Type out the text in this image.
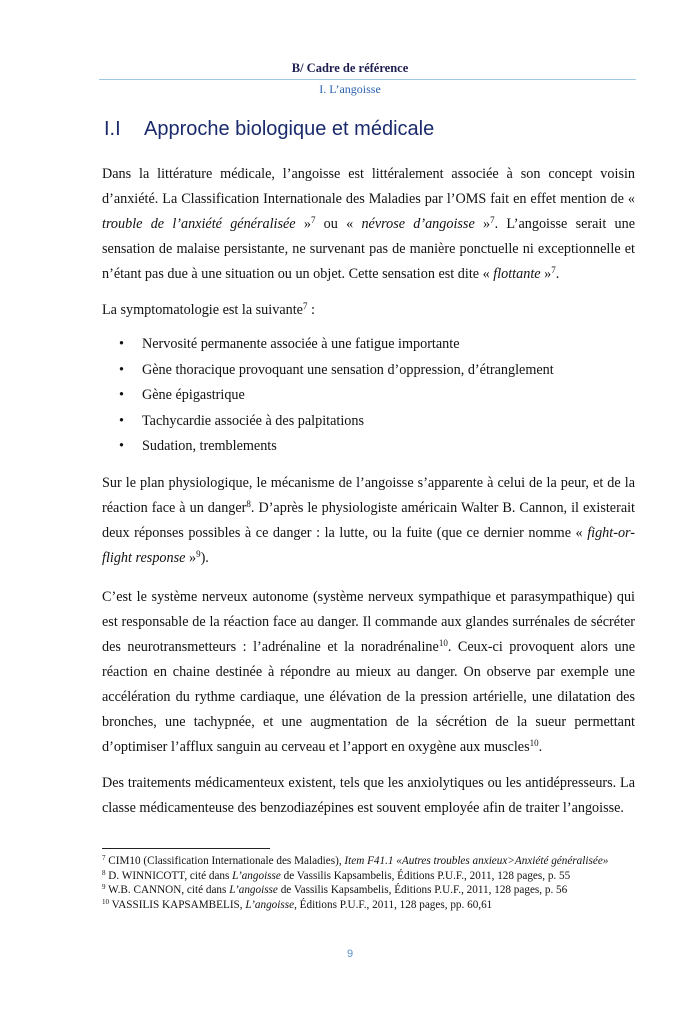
B/ Cadre de référence
I. L’angoisse
I.I Approche biologique et médicale

Dans la littérature médicale, l’angoisse est littéralement associée à son concept voisin d’anxiété. La Classification Internationale des Maladies par l’OMS fait en effet mention de « trouble de l’anxiété généralisée »$^7$ ou « névrose d’angoisse »$^7$. L’angoisse serait une sensation de malaise persistante, ne survenant pas de manière ponctuelle ni exceptionnelle et n’étant pas due à une situation ou un objet. Cette sensation est dite « flottante »$^7$.

La symptomatologie est la suivante$^7$ :

• Nervosité permanente associée à une fatigue importante
• Gène thoracique provoquant une sensation d’oppression, d’étranglement
• Gène épigastrique
• Tachycardie associée à des palpitations
• Sudation, tremblements

Sur le plan physiologique, le mécanisme de l’angoisse s’apparente à celui de la peur, et de la réaction face à un danger$^8$. D’après le physiologiste américain Walter B. Cannon, il existerait deux réponses possibles à ce danger : la lutte, ou la fuite (que ce dernier nomme « fight-or-flight response »$^9$).

C’est le système nerveux autonome (système nerveux sympathique et parasympathique) qui est responsable de la réaction face au danger. Il commande aux glandes surrénales de sécréter des neurotransmetteurs : l’adrénaline et la noradrénaline$^{10}$. Ceux-ci provoquent alors une réaction en chaine destinée à répondre au mieux au danger. On observe par exemple une accélération du rythme cardiaque, une élévation de la pression artérielle, une dilatation des bronches, une tachypnée, et une augmentation de la sécrétion de la sueur permettant d’optimiser l’afflux sanguin au cerveau et l’apport en oxygène aux muscles$^{10}$.

Des traitements médicamenteux existent, tels que les anxiolytiques ou les antidépresseurs. La classe médicamenteuse des benzodiazépines est souvent employée afin de traiter l’angoisse.

$^7$ CIM10 (Classification Internationale des Maladies), Item F41.1 «Autres troubles anxieux>Anxiété généralisée»
$^8$ D. WINNICOTT, cité dans L’angoisse de Vassilis Kapsambelis, Éditions P.U.F., 2011, 128 pages, p. 55
$^9$ W.B. CANNON, cité dans L’angoisse de Vassilis Kapsambelis, Éditions P.U.F., 2011, 128 pages, p. 56
$^{10}$ VASSILIS KAPSAMBELIS, L’angoisse, Éditions P.U.F., 2011, 128 pages, pp. 60,61
9
